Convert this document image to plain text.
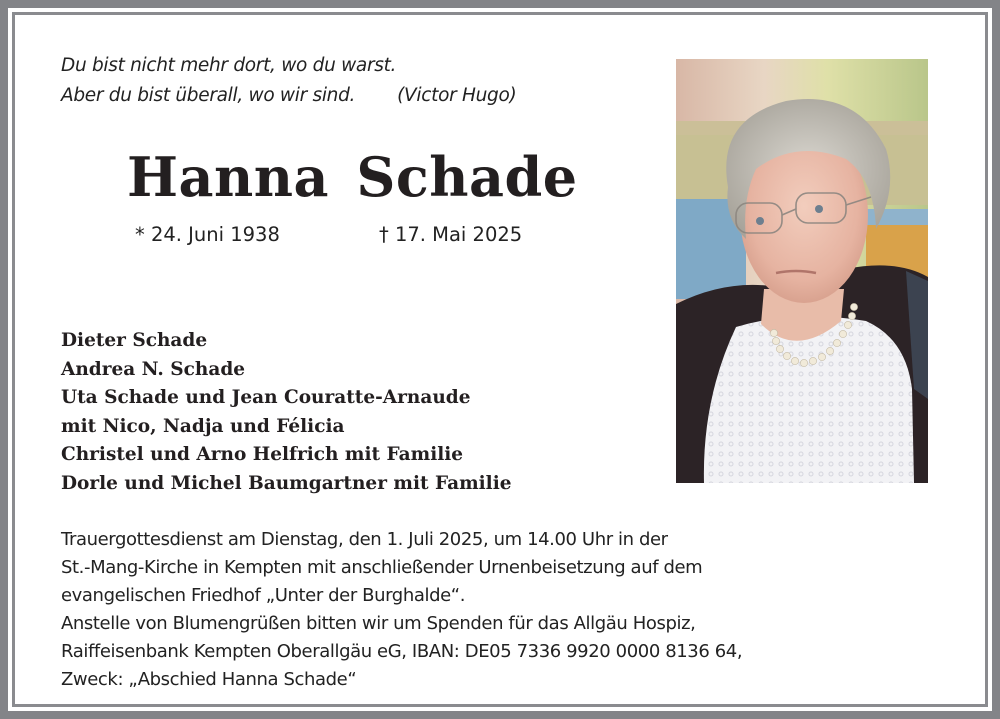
Du bist nicht mehr dort, wo du warst.
Aber du bist überall, wo wir sind. (Victor Hugo)
Hanna Schade
* 24. Juni 1938	† 17. Mai 2025
Dieter Schade
Andrea N. Schade
Uta Schade und Jean Couratte-Arnaude
mit Nico, Nadja und Félicia
Christel und Arno Helfrich mit Familie
Dorle und Michel Baumgartner mit Familie
Trauergottesdienst am Dienstag, den 1. Juli 2025, um 14.00 Uhr in der
St.-Mang-Kirche in Kempten mit anschließender Urnenbeisetzung auf dem
evangelischen Friedhof „Unter der Burghalde“.
Anstelle von Blumengrüßen bitten wir um Spenden für das Allgäu Hospiz,
Raiffeisenbank Kempten Oberallgäu eG, IBAN: DE05 7336 9920 0000 8136 64,
Zweck: „Abschied Hanna Schade“
